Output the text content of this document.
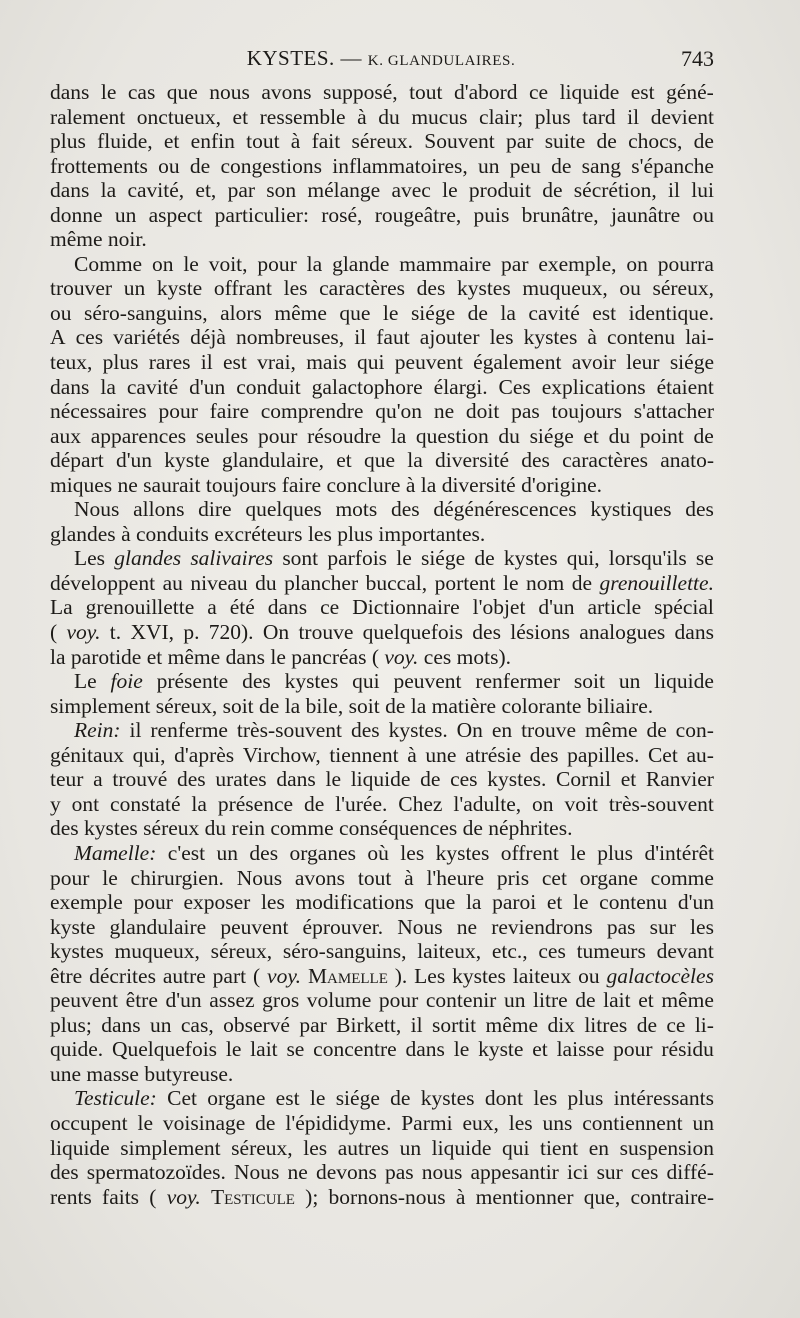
KYSTES. — K. GLANDULAIRES.	743
dans le cas que nous avons supposé, tout d'abord ce liquide est géné-
ralement onctueux, et ressemble à du mucus clair; plus tard il devient
plus fluide, et enfin tout à fait séreux. Souvent par suite de chocs, de
frottements ou de congestions inflammatoires, un peu de sang s'épanche
dans la cavité, et, par son mélange avec le produit de sécrétion, il lui
donne un aspect particulier: rosé, rougeâtre, puis brunâtre, jaunâtre ou
même noir.
Comme on le voit, pour la glande mammaire par exemple, on pourra
trouver un kyste offrant les caractères des kystes muqueux, ou séreux,
ou séro-sanguins, alors même que le siége de la cavité est identique.
A ces variétés déjà nombreuses, il faut ajouter les kystes à contenu lai-
teux, plus rares il est vrai, mais qui peuvent également avoir leur siége
dans la cavité d'un conduit galactophore élargi. Ces explications étaient
nécessaires pour faire comprendre qu'on ne doit pas toujours s'attacher
aux apparences seules pour résoudre la question du siége et du point de
départ d'un kyste glandulaire, et que la diversité des caractères anato-
miques ne saurait toujours faire conclure à la diversité d'origine.
Nous allons dire quelques mots des dégénérescences kystiques des
glandes à conduits excréteurs les plus importantes.
Les glandes salivaires sont parfois le siége de kystes qui, lorsqu'ils se
développent au niveau du plancher buccal, portent le nom de grenouillette.
La grenouillette a été dans ce Dictionnaire l'objet d'un article spécial
( voy. t. XVI, p. 720). On trouve quelquefois des lésions analogues dans
la parotide et même dans le pancréas ( voy. ces mots).
Le foie présente des kystes qui peuvent renfermer soit un liquide
simplement séreux, soit de la bile, soit de la matière colorante biliaire.
Rein: il renferme très-souvent des kystes. On en trouve même de con-
génitaux qui, d'après Virchow, tiennent à une atrésie des papilles. Cet au-
teur a trouvé des urates dans le liquide de ces kystes. Cornil et Ranvier
y ont constaté la présence de l'urée. Chez l'adulte, on voit très-souvent
des kystes séreux du rein comme conséquences de néphrites.
Mamelle: c'est un des organes où les kystes offrent le plus d'intérêt
pour le chirurgien. Nous avons tout à l'heure pris cet organe comme
exemple pour exposer les modifications que la paroi et le contenu d'un
kyste glandulaire peuvent éprouver. Nous ne reviendrons pas sur les
kystes muqueux, séreux, séro-sanguins, laiteux, etc., ces tumeurs devant
être décrites autre part ( voy. Mamelle ). Les kystes laiteux ou galactocèles
peuvent être d'un assez gros volume pour contenir un litre de lait et même
plus; dans un cas, observé par Birkett, il sortit même dix litres de ce li-
quide. Quelquefois le lait se concentre dans le kyste et laisse pour résidu
une masse butyreuse.
Testicule: Cet organe est le siége de kystes dont les plus intéressants
occupent le voisinage de l'épididyme. Parmi eux, les uns contiennent un
liquide simplement séreux, les autres un liquide qui tient en suspension
des spermatozoïdes. Nous ne devons pas nous appesantir ici sur ces diffé-
rents faits ( voy. Testicule ); bornons-nous à mentionner que, contraire-
